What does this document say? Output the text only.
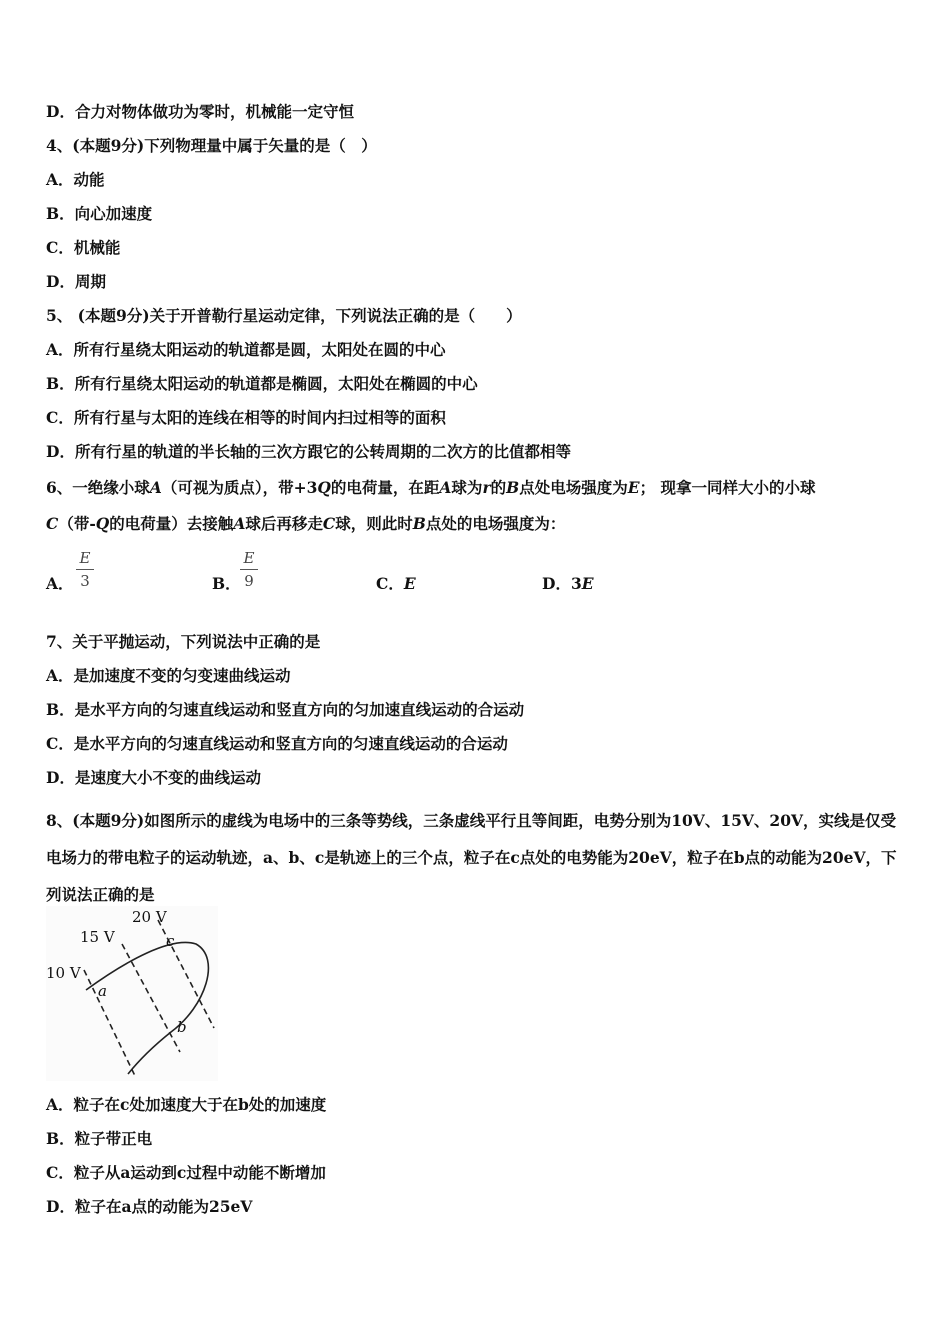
D．合力对物体做功为零时，机械能一定守恒
4、(本题9分)下列物理量中属于矢量的是（　）
A．动能
B．向心加速度
C．机械能
D．周期
5、 (本题9分)关于开普勒行星运动定律，下列说法正确的是（　　）
A．所有行星绕太阳运动的轨道都是圆，太阳处在圆的中心
B．所有行星绕太阳运动的轨道都是椭圆，太阳处在椭圆的中心
C．所有行星与太阳的连线在相等的时间内扫过相等的面积
D．所有行星的轨道的半长轴的三次方跟它的公转周期的二次方的比值都相等
6、一绝缘小球A（可视为质点），带+3Q的电荷量，在距A球为r的B点处电场强度为E； 现拿一同样大小的小球
C（带-Q的电荷量）去接触A球后再移走C球，则此时B点处的电场强度为：
A．
E
3	B．
E
9	C．E	D．3E
7、关于平抛运动，下列说法中正确的是
A．是加速度不变的匀变速曲线运动
B．是水平方向的匀速直线运动和竖直方向的匀加速直线运动的合运动
C．是水平方向的匀速直线运动和竖直方向的匀速直线运动的合运动
D．是速度大小不变的曲线运动
8、(本题9分)如图所示的虚线为电场中的三条等势线，三条虚线平行且等间距，电势分别为10V、15V、20V，实线是仅受电场力的带电粒子的运动轨迹，a、b、c是轨迹上的三个点，粒子在c点处的电势能为20eV，粒子在b点的动能为20eV，下列说法正确的是
20 V
15 V
10 V
a
b
c
A．粒子在c处加速度大于在b处的加速度
B．粒子带正电
C．粒子从a运动到c过程中动能不断增加
D．粒子在a点的动能为25eV
